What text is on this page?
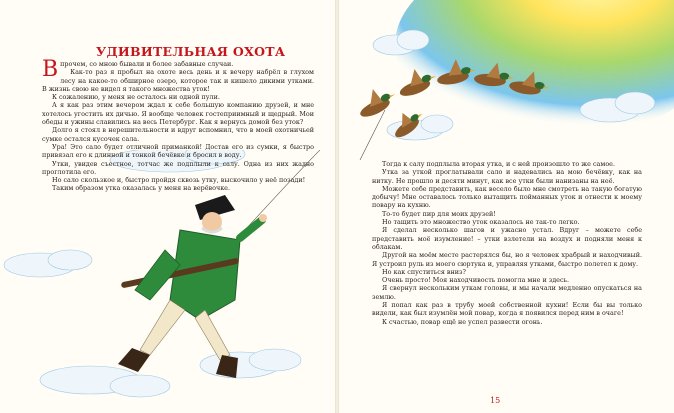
УДИВИТЕЛЬНАЯ ОХОТА

Впрочем, со мною бывали и более забавные случаи.

Как-то раз я пробыл на охоте весь день и к вечеру набрёл в глухом лесу на какое-то обширное озеро, которое так и кишело дикими утками. В жизнь свою не видел я такого множества уток!

К сожалению, у меня не осталось ни одной пули.

А я как раз этим вечером ждал к себе большую компанию друзей, и мне хотелось угостить их дичью. Я вообще человек гостеприимный и щедрый. Мои обеды и ужины славились на весь Петербург. Как я вернусь домой без уток?

Долго я стоял в нерешительности и вдруг вспомнил, что в моей охотничьей сумке остался кусочек сала.

Ура! Это сало будет отличной приманкой! Достав его из сумки, я быстро привязал его к длинной и тонкой бечёвке и бросил в воду.

Утки, увидев съестное, тотчас же подплыли к салу. Одна из них жадно проглотила его.

Но сало скользкое и, быстро пройдя сквозь утку, выскочило у неё позади!

Таким образом утка оказалась у меня на верёвочке.

Тогда к салу подплыла вторая утка, и с ней произошло то же самое.

Утка за уткой проглатывали сало и надевались на мою бечёвку, как на нитку. Не прошло и десяти минут, как все утки были нанизаны на неё.

Можете себе представить, как весело было мне смотреть на такую богатую добычу! Мне оставалось только вытащить пойманных уток и отнести к моему повару на кухню.

То-то будет пир для моих друзей!

Но тащить это множество уток оказалось не так-то легко.

Я сделал несколько шагов и ужасно устал. Вдруг – можете себе представить моё изумление! – утки взлетели на воздух и подняли меня к облакам.

Другой на моём месте растерялся бы, но я человек храбрый и находчивый. Я устроил руль из моего сюртука и, управляя утками, быстро полетел к дому.

Но как спуститься вниз?

Очень просто! Моя находчивость помогла мне и здесь.

Я свернул нескольким уткам головы, и мы начали медленно опускаться на землю.

Я попал как раз в трубу моей собственной кухни! Если бы вы только видели, как был изумлён мой повар, когда я появился перед ним в очаге!

К счастью, повар ещё не успел развести огонь.

15
